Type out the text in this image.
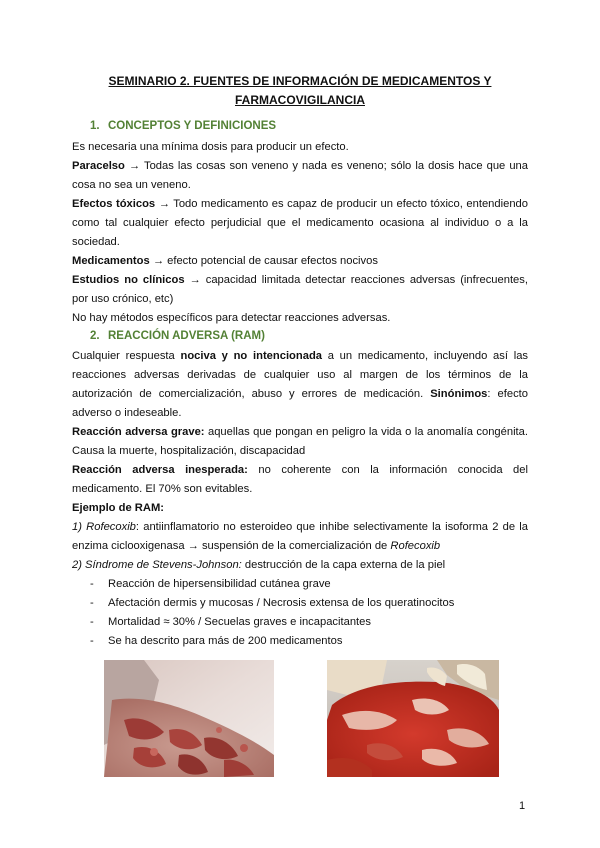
SEMINARIO 2. FUENTES DE INFORMACIÓN DE MEDICAMENTOS Y
FARMACOVIGILANCIA
1. CONCEPTOS Y DEFINICIONES
Es necesaria una mínima dosis para producir un efecto.
Paracelso → Todas las cosas son veneno y nada es veneno; sólo la dosis hace que una cosa no sea un veneno.
Efectos tóxicos → Todo medicamento es capaz de producir un efecto tóxico, entendiendo como tal cualquier efecto perjudicial que el medicamento ocasiona al individuo o a la sociedad.
Medicamentos → efecto potencial de causar efectos nocivos
Estudios no clínicos → capacidad limitada detectar reacciones adversas (infrecuentes, por uso crónico, etc)
No hay métodos específicos para detectar reacciones adversas.
2. REACCIÓN ADVERSA (RAM)
Cualquier respuesta nociva y no intencionada a un medicamento, incluyendo así las reacciones adversas derivadas de cualquier uso al margen de los términos de la autorización de comercialización, abuso y errores de medicación. Sinónimos: efecto adverso o indeseable.
Reacción adversa grave: aquellas que pongan en peligro la vida o la anomalía congénita. Causa la muerte, hospitalización, discapacidad
Reacción adversa inesperada: no coherente con la información conocida del medicamento. El 70% son evitables.
Ejemplo de RAM:
1) Rofecoxib: antiinflamatorio no esteroideo que inhibe selectivamente la isoforma 2 de la enzima ciclooxigenasa → suspensión de la comercialización de Rofecoxib
2) Síndrome de Stevens-Johnson: destrucción de la capa externa de la piel
- Reacción de hipersensibilidad cutánea grave
- Afectación dermis y mucosas / Necrosis extensa de los queratinocitos
- Mortalidad ≈ 30% / Secuelas graves e incapacitantes
- Se ha descrito para más de 200 medicamentos
1
